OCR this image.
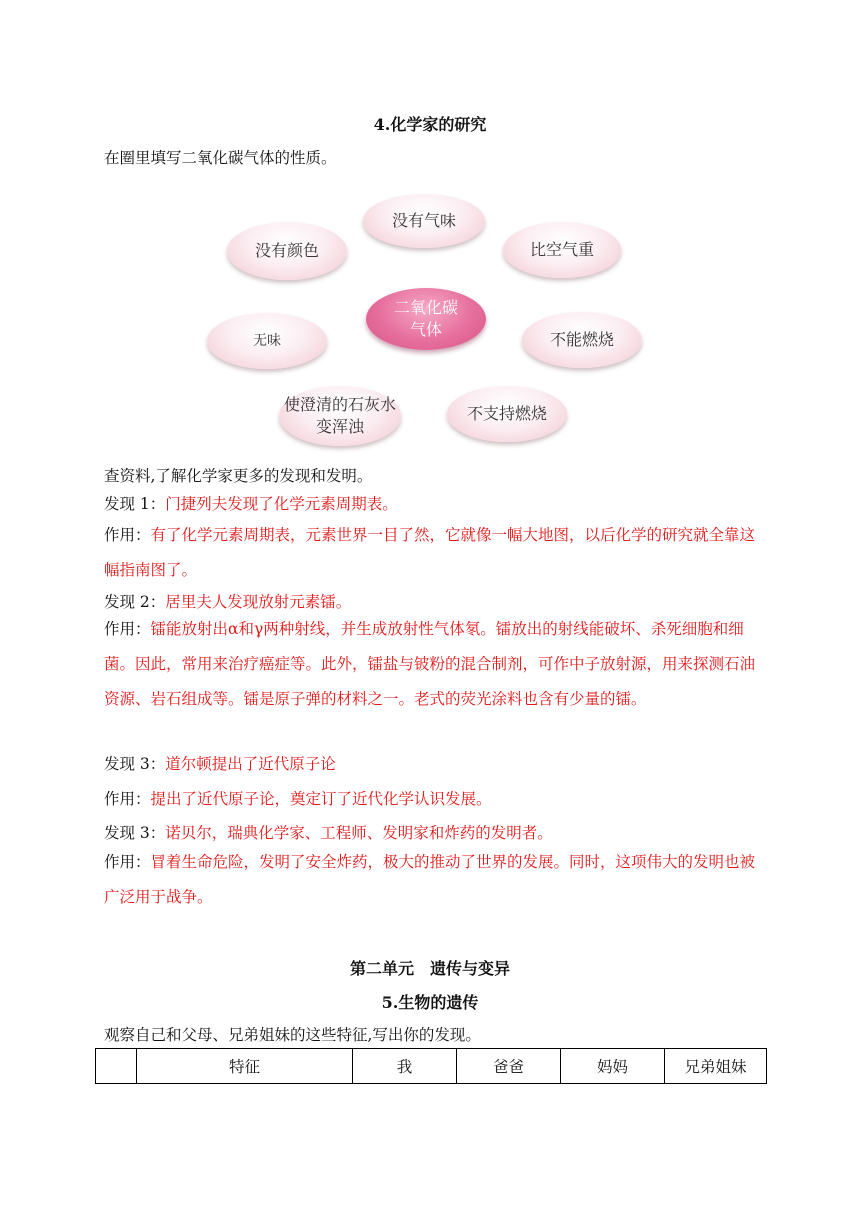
4.化学家的研究
在圈里填写二氧化碳气体的性质。
没有气味
没有颜色	比空气重
二氧化碳
气体
无味	不能燃烧
使澄清的石灰水
变浑浊
不支持燃烧
查资料,了解化学家更多的发现和发明。
发现 1：门捷列夫发现了化学元素周期表。
作用：有了化学元素周期表，元素世界一目了然，它就像一幅大地图，以后化学的研究就全靠这幅指南图了。
发现 2：居里夫人发现放射元素镭。
作用：镭能放射出α和γ两种射线，并生成放射性气体氡。镭放出的射线能破坏、杀死细胞和细菌。因此，常用来治疗癌症等。此外，镭盐与铍粉的混合制剂，可作中子放射源，用来探测石油资源、岩石组成等。镭是原子弹的材料之一。老式的荧光涂料也含有少量的镭。
发现 3：道尔顿提出了近代原子论
作用：提出了近代原子论，奠定订了近代化学认识发展。
发现 3：诺贝尔，瑞典化学家、工程师、发明家和炸药的发明者。
作用：冒着生命危险，发明了安全炸药，极大的推动了世界的发展。同时，这项伟大的发明也被广泛用于战争。
第二单元　遗传与变异
5.生物的遗传
观察自己和父母、兄弟姐妹的这些特征,写出你的发现。
	特征	我	爸爸	妈妈	兄弟姐妹
